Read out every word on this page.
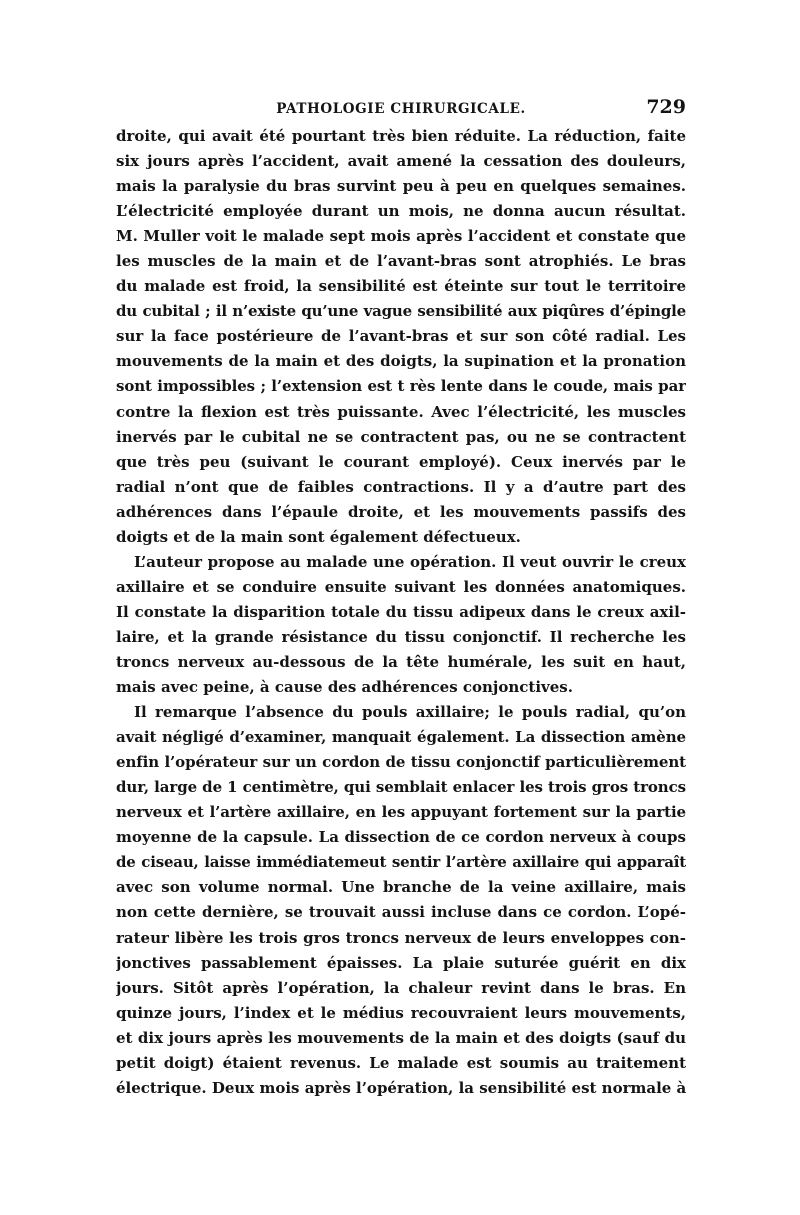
PATHOLOGIE CHIRURGICALE.	729
droite, qui avait été pourtant très bien réduite. La réduction, faite
six jours après l’accident, avait amené la cessation des douleurs,
mais la paralysie du bras survint peu à peu en quelques semaines.
L’électricité employée durant un mois, ne donna aucun résultat.
M. Muller voit le malade sept mois après l’accident et constate que
les muscles de la main et de l’avant-bras sont atrophiés. Le bras
du malade est froid, la sensibilité est éteinte sur tout le territoire
du cubital ; il n’existe qu’une vague sensibilité aux piqûres d’épingle
sur la face postérieure de l’avant-bras et sur son côté radial. Les
mouvements de la main et des doigts, la supination et la pronation
sont impossibles ; l’extension est t rès lente dans le coude, mais par
contre la flexion est très puissante. Avec l’électricité, les muscles
inervés par le cubital ne se contractent pas, ou ne se contractent
que très peu (suivant le courant employé). Ceux inervés par le
radial n’ont que de faibles contractions. Il y a d’autre part des
adhérences dans l’épaule droite, et les mouvements passifs des
doigts et de la main sont également défectueux.
L’auteur propose au malade une opération. Il veut ouvrir le creux
axillaire et se conduire ensuite suivant les données anatomiques.
Il constate la disparition totale du tissu adipeux dans le creux axil-
laire, et la grande résistance du tissu conjonctif. Il recherche les
troncs nerveux au-dessous de la tête humérale, les suit en haut,
mais avec peine, à cause des adhérences conjonctives.
Il remarque l’absence du pouls axillaire; le pouls radial, qu’on
avait négligé d’examiner, manquait également. La dissection amène
enfin l’opérateur sur un cordon de tissu conjonctif particulièrement
dur, large de 1 centimètre, qui semblait enlacer les trois gros troncs
nerveux et l’artère axillaire, en les appuyant fortement sur la partie
moyenne de la capsule. La dissection de ce cordon nerveux à coups
de ciseau, laisse immédiatemeut sentir l’artère axillaire qui apparaît
avec son volume normal. Une branche de la veine axillaire, mais
non cette dernière, se trouvait aussi incluse dans ce cordon. L’opé-
rateur libère les trois gros troncs nerveux de leurs enveloppes con-
jonctives passablement épaisses. La plaie suturée guérit en dix
jours. Sitôt après l’opération, la chaleur revint dans le bras. En
quinze jours, l’index et le médius recouvraient leurs mouvements,
et dix jours après les mouvements de la main et des doigts (sauf du
petit doigt) étaient revenus. Le malade est soumis au traitement
électrique. Deux mois après l’opération, la sensibilité est normale à
